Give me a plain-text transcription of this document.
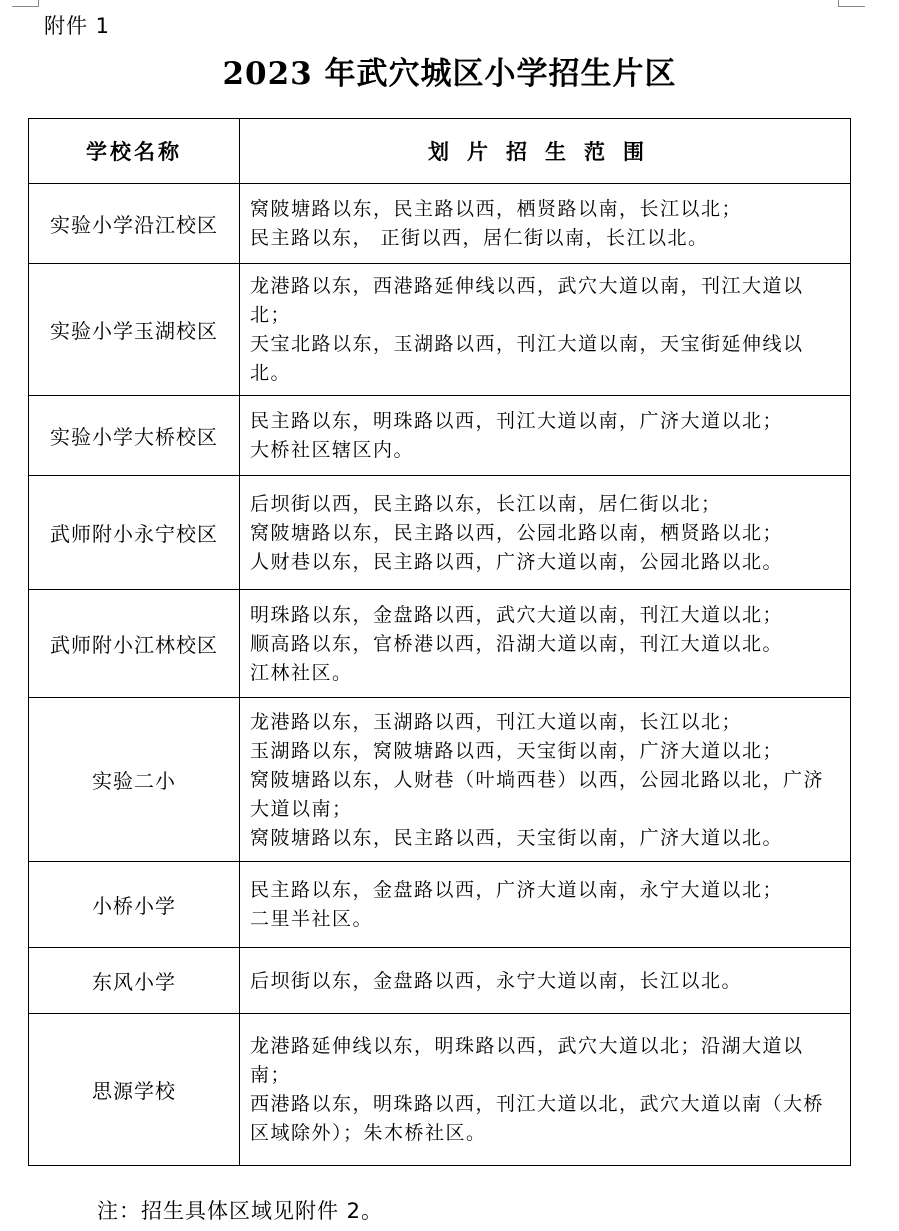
附件 1
2023 年武穴城区小学招生片区
学校名称	划片招生范围
实验小学沿江校区	窝陂塘路以东，民主路以西，栖贤路以南，长江以北；
民主路以东， 正街以西，居仁街以南，长江以北。

实验小学玉湖校区	龙港路以东，西港路延伸线以西，武穴大道以南，刊江大道以北；
天宝北路以东，玉湖路以西，刊江大道以南，天宝街延伸线以北。

实验小学大桥校区	民主路以东，明珠路以西，刊江大道以南，广济大道以北；
大桥社区辖区内。

武师附小永宁校区	后坝街以西，民主路以东，长江以南，居仁街以北；
窝陂塘路以东，民主路以西，公园北路以南，栖贤路以北；
人财巷以东，民主路以西，广济大道以南，公园北路以北。

武师附小江林校区	明珠路以东，金盘路以西，武穴大道以南，刊江大道以北；
顺高路以东，官桥港以西，沿湖大道以南，刊江大道以北。
江林社区。

实验二小	龙港路以东，玉湖路以西，刊江大道以南，长江以北；
玉湖路以东，窝陂塘路以西，天宝街以南，广济大道以北；
窝陂塘路以东，人财巷（叶埫西巷）以西，公园北路以北，广济大道以南；
窝陂塘路以东，民主路以西，天宝街以南，广济大道以北。

小桥小学	民主路以东，金盘路以西，广济大道以南，永宁大道以北；
二里半社区。

东风小学	后坝街以东，金盘路以西，永宁大道以南，长江以北。

思源学校	龙港路延伸线以东，明珠路以西，武穴大道以北；沿湖大道以南；
西港路以东，明珠路以西，刊江大道以北，武穴大道以南（大桥区域除外）；朱木桥社区。
注：招生具体区域见附件 2。
